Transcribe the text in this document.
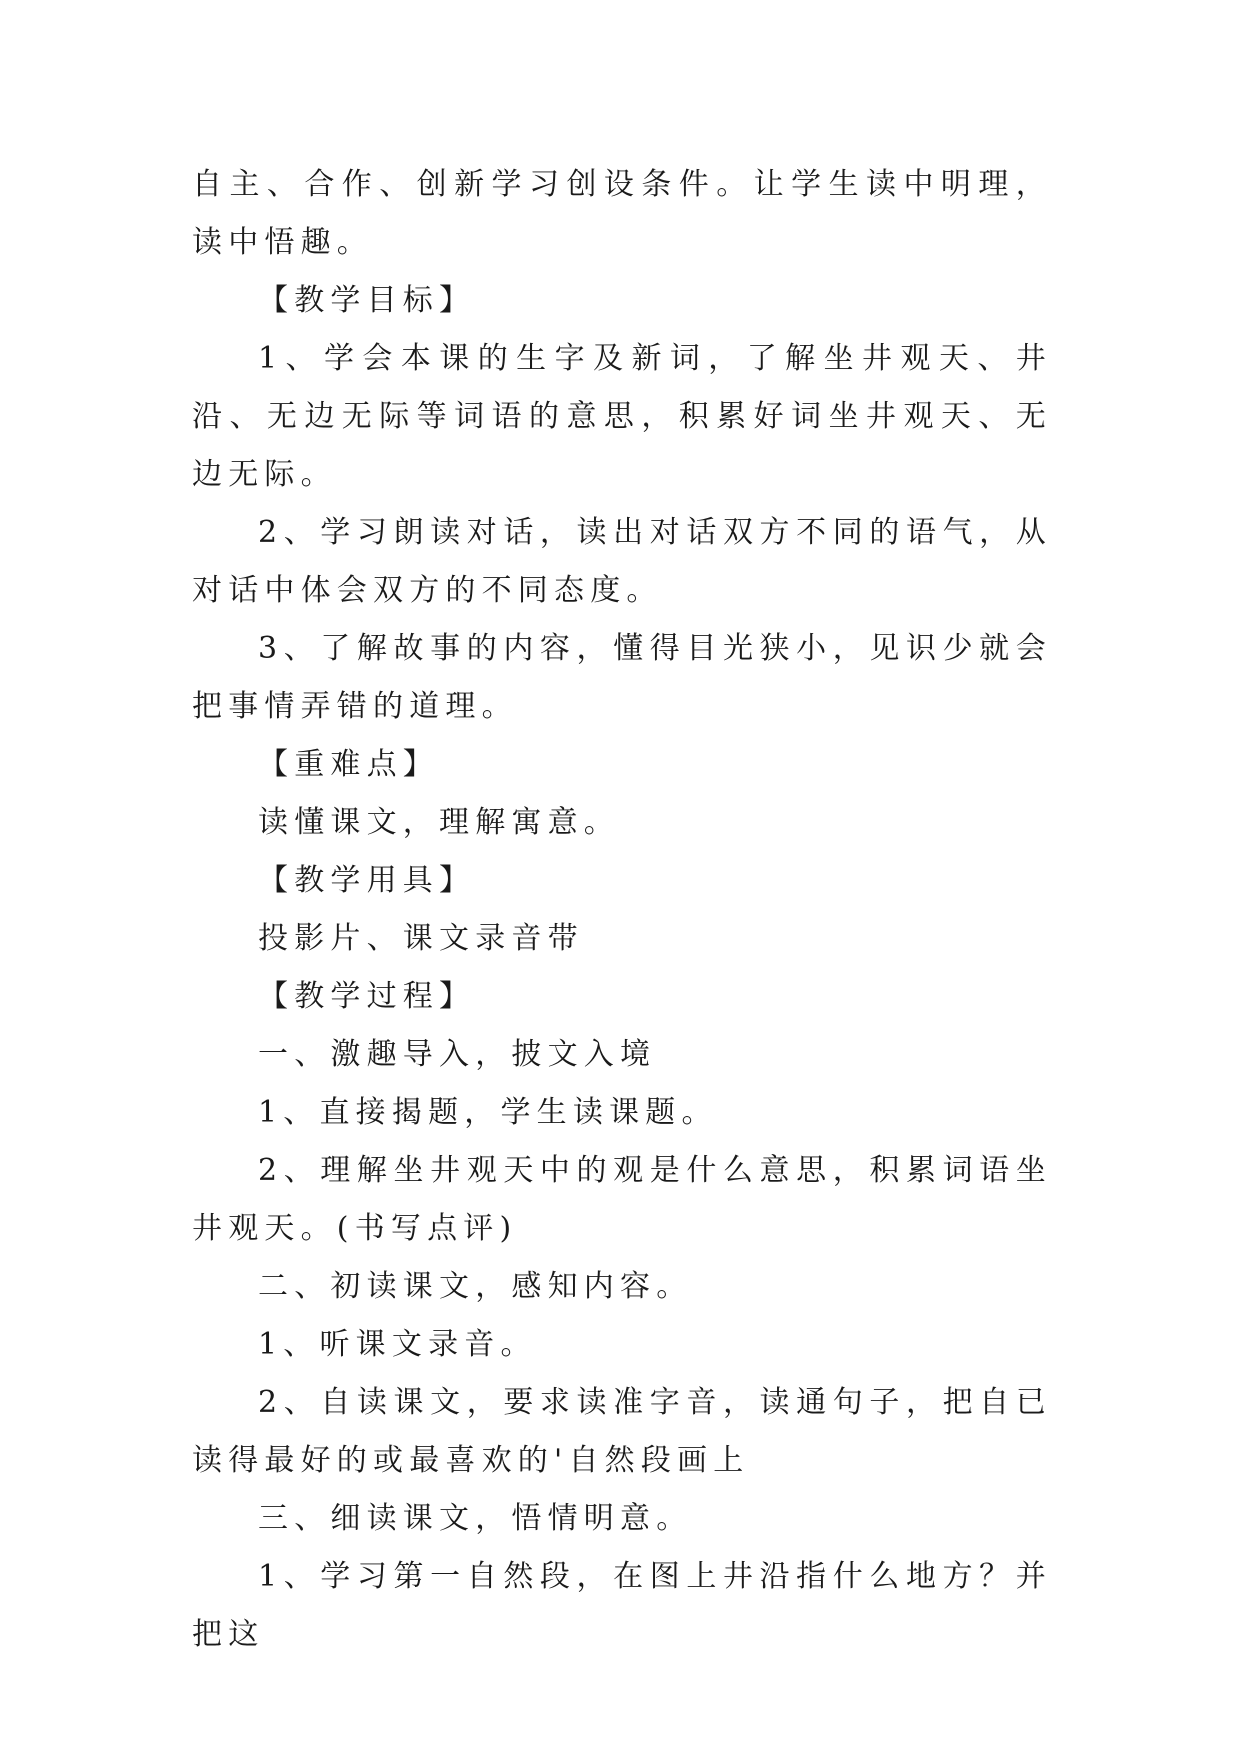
自主、合作、创新学习创设条件。让学生读中明理，读中悟趣。

【教学目标】

1、学会本课的生字及新词，了解坐井观天、井沿、无边无际等词语的意思，积累好词坐井观天、无边无际。

2、学习朗读对话，读出对话双方不同的语气，从对话中体会双方的不同态度。

3、了解故事的内容，懂得目光狭小，见识少就会把事情弄错的道理。

【重难点】

读懂课文，理解寓意。

【教学用具】

投影片、课文录音带

【教学过程】

一、激趣导入，披文入境

1、直接揭题，学生读课题。

2、理解坐井观天中的观是什么意思，积累词语坐井观天。(书写点评)

二、初读课文，感知内容。

1、听课文录音。

2、自读课文，要求读准字音，读通句子，把自已读得最好的或最喜欢的'自然段画上

三、细读课文，悟情明意。

1、学习第一自然段，在图上井沿指什么地方？并把这
